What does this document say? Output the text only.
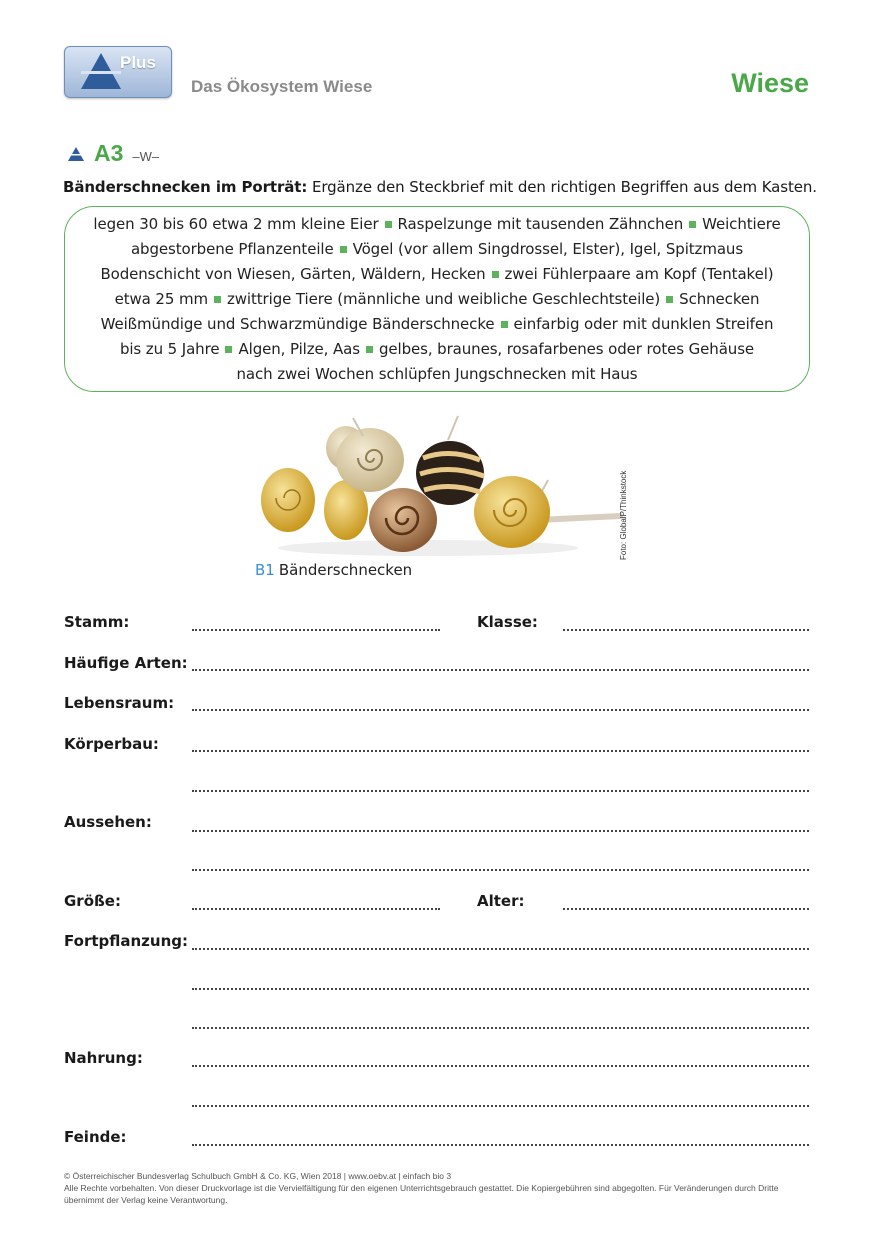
Plus
Das Ökosystem Wiese	Wiese
A3 –W–
Bänderschnecken im Porträt: Ergänze den Steckbrief mit den richtigen Begriffen aus dem Kasten.
legen 30 bis 60 etwa 2 mm kleine Eier Raspelzunge mit tausenden Zähnchen Weichtiere
abgestorbene Pflanzenteile Vögel (vor allem Singdrossel, Elster), Igel, Spitzmaus
Bodenschicht von Wiesen, Gärten, Wäldern, Hecken zwei Fühlerpaare am Kopf (Tentakel)
etwa 25 mm zwittrige Tiere (männliche und weibliche Geschlechtsteile) Schnecken
Weißmündige und Schwarzmündige Bänderschnecke einfarbig oder mit dunklen Streifen
bis zu 5 Jahre Algen, Pilze, Aas gelbes, braunes, rosafarbenes oder rotes Gehäuse
nach zwei Wochen schlüpfen Jungschnecken mit Haus
Foto: GlobalP/Thinkstock
B1 Bänderschnecken
Stamm:	Klasse:
Häufige Arten:
Lebensraum:
Körperbau:
Aussehen:
Größe:	Alter:
Fortpflanzung:
Nahrung:
Feinde:
© Österreichischer Bundesverlag Schulbuch GmbH & Co. KG, Wien 2018 | www.oebv.at | einfach bio 3
Alle Rechte vorbehalten. Von dieser Druckvorlage ist die Vervielfältigung für den eigenen Unterrichtsgebrauch gestattet. Die Kopiergebühren sind abgegolten. Für Veränderungen durch Dritte übernimmt der Verlag keine Verantwortung.
